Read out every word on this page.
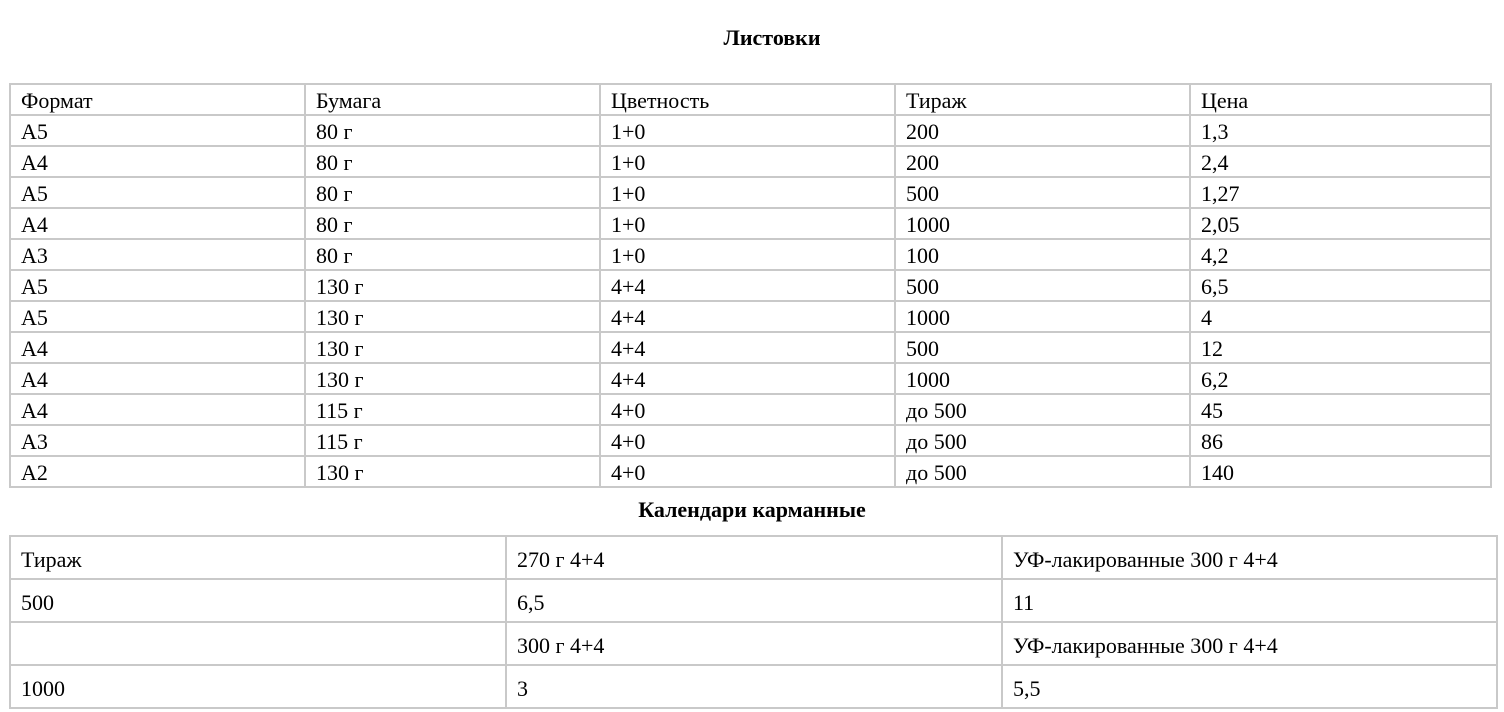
Листовки
Формат	Бумага	Цветность	Тираж	Цена
А5	80 г	1+0	200	1,3
А4	80 г	1+0	200	2,4
А5	80 г	1+0	500	1,27
А4	80 г	1+0	1000	2,05
А3	80 г	1+0	100	4,2
А5	130 г	4+4	500	6,5
А5	130 г	4+4	1000	4
А4	130 г	4+4	500	12
А4	130 г	4+4	1000	6,2
А4	115 г	4+0	до 500	45
А3	115 г	4+0	до 500	86
А2	130 г	4+0	до 500	140
Календари карманные
Тираж	270 г 4+4	УФ-лакированные 300 г 4+4
500	6,5	11
	300 г 4+4	УФ-лакированные 300 г 4+4
1000	3	5,5
